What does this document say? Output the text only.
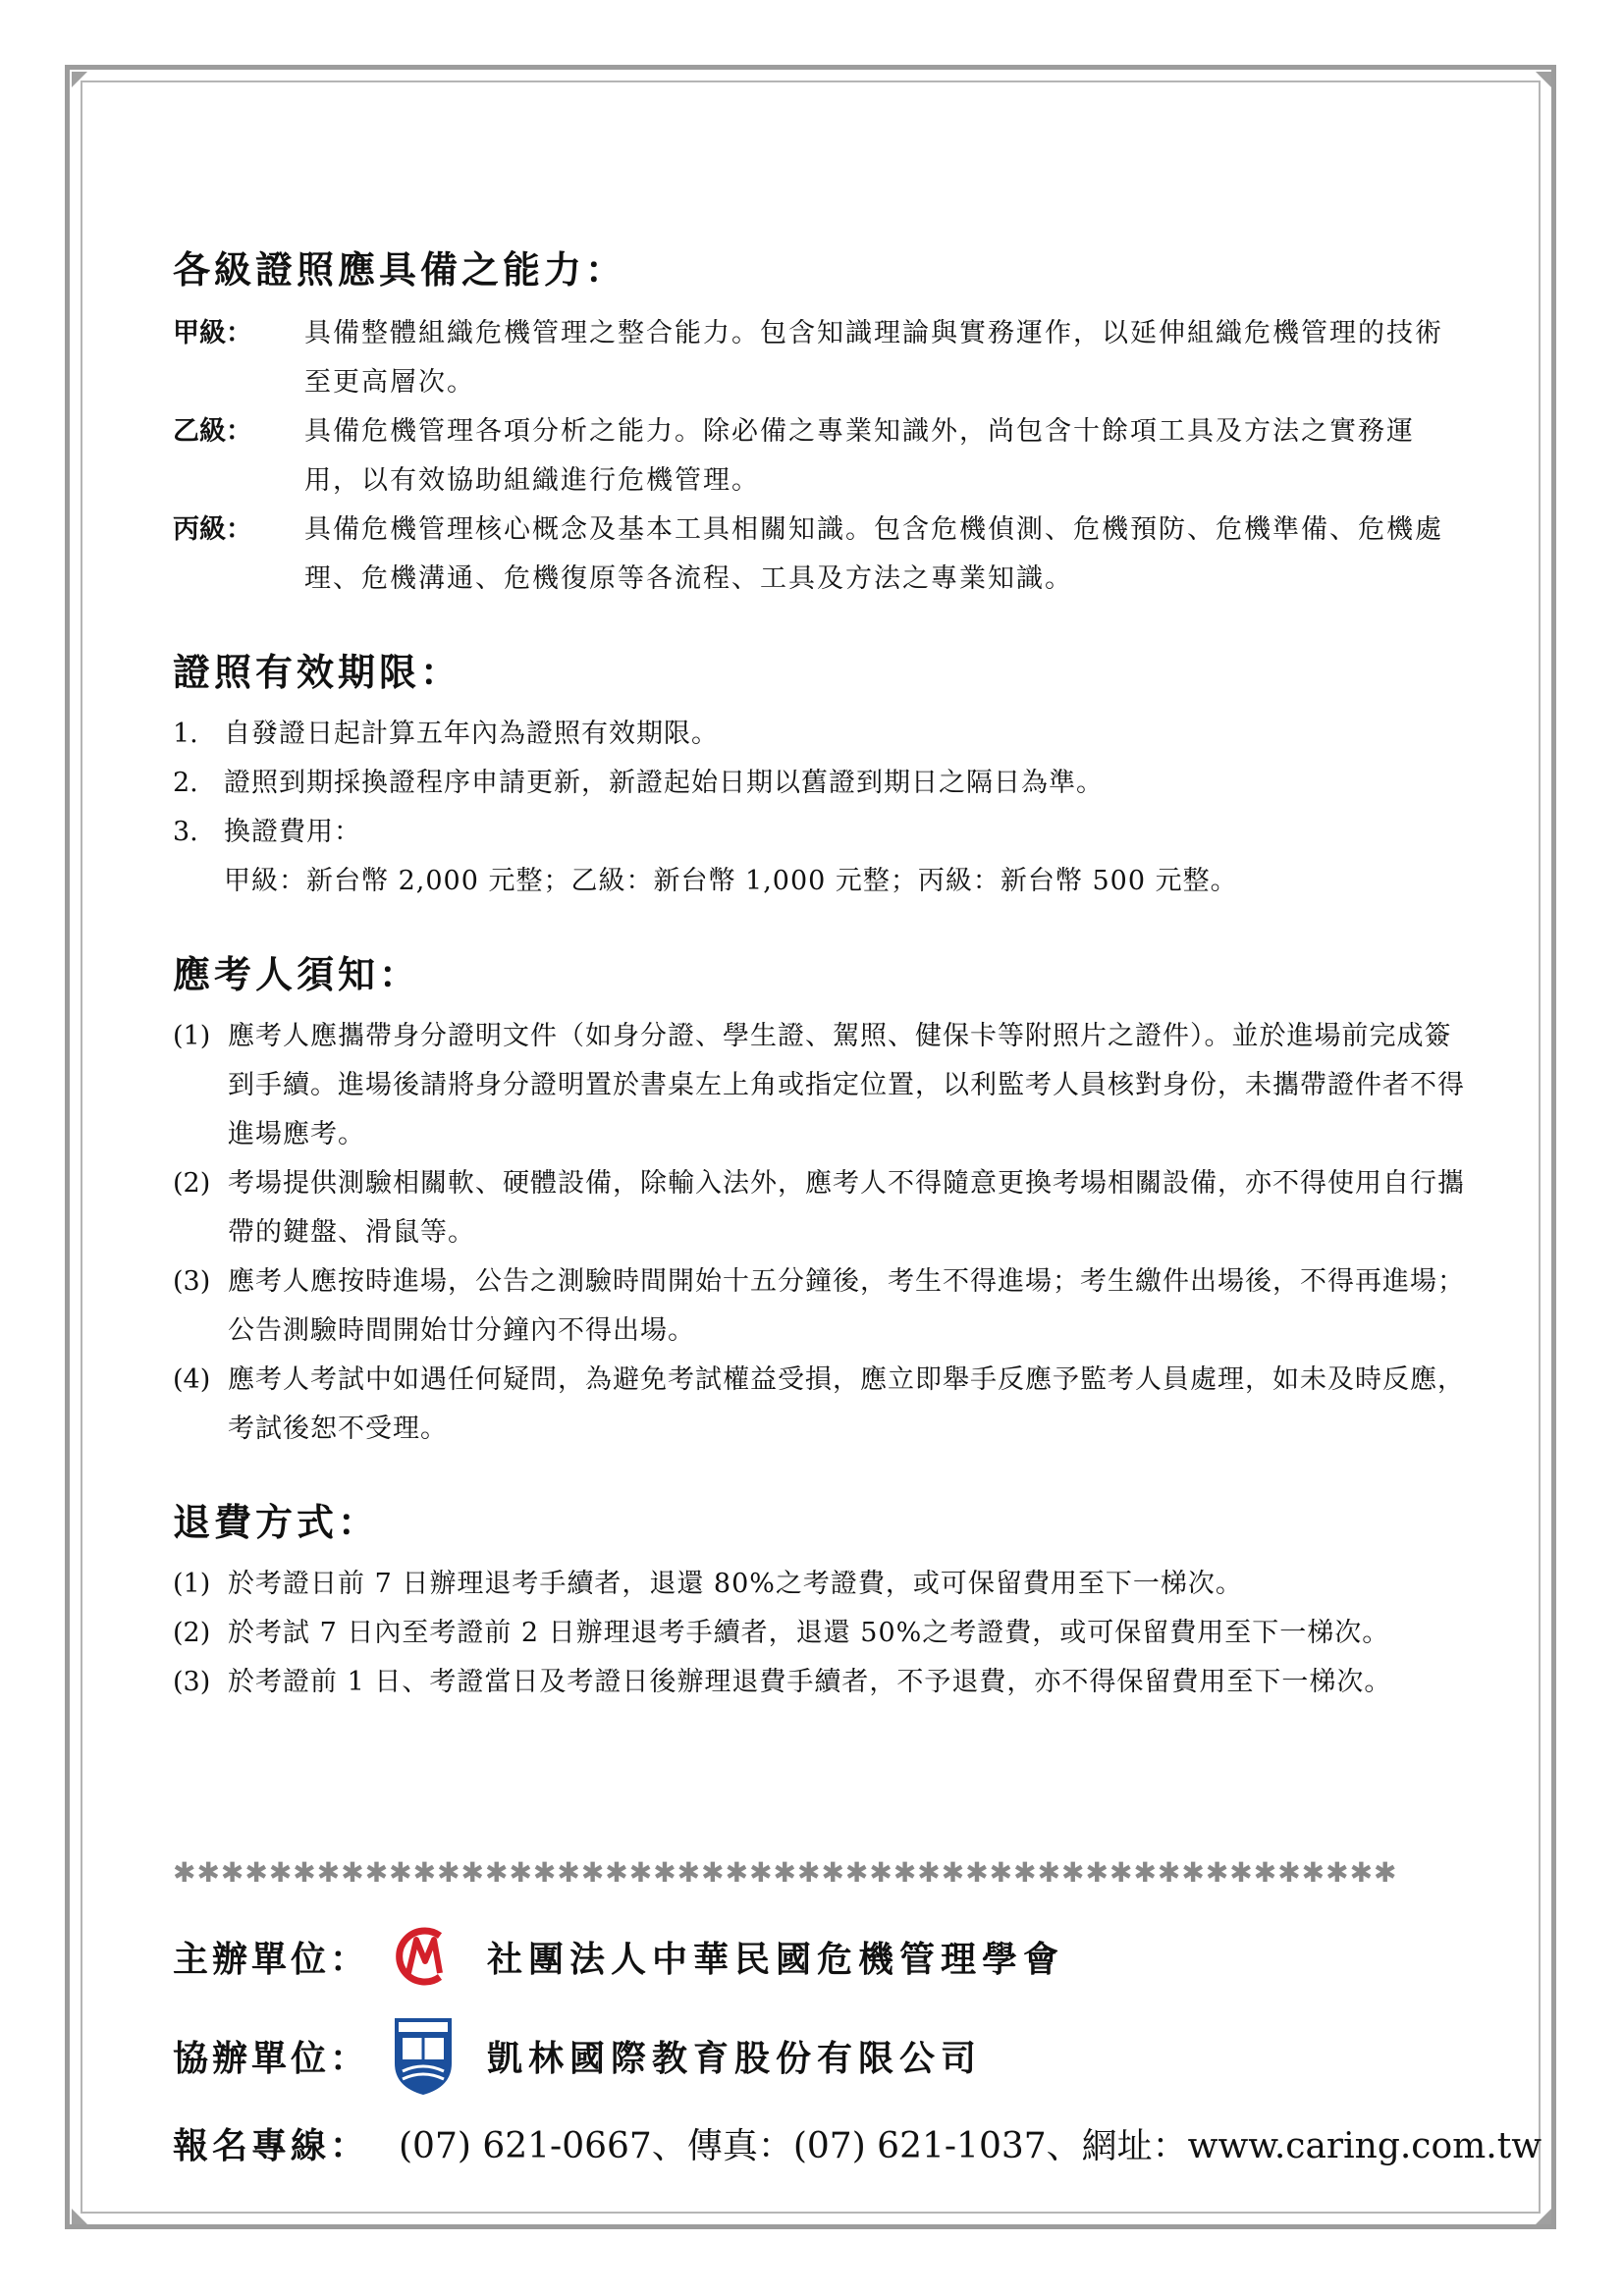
各級證照應具備之能力：
甲級：	具備整體組織危機管理之整合能力。包含知識理論與實務運作，以延伸組織危機管理的技術至更高層次。
乙級：	具備危機管理各項分析之能力。除必備之專業知識外，尚包含十餘項工具及方法之實務運用，以有效協助組織進行危機管理。
丙級：	具備危機管理核心概念及基本工具相關知識。包含危機偵測、危機預防、危機準備、危機處理、危機溝通、危機復原等各流程、工具及方法之專業知識。
證照有效期限：
1. 自發證日起計算五年內為證照有效期限。
2. 證照到期採換證程序申請更新，新證起始日期以舊證到期日之隔日為準。
3. 換證費用：
甲級：新台幣 2,000 元整；乙級：新台幣 1,000 元整；丙級：新台幣 500 元整。
應考人須知：
(1) 應考人應攜帶身分證明文件（如身分證、學生證、駕照、健保卡等附照片之證件）。並於進場前完成簽到手續。進場後請將身分證明置於書桌左上角或指定位置，以利監考人員核對身份，未攜帶證件者不得進場應考。
(2) 考場提供測驗相關軟、硬體設備，除輸入法外，應考人不得隨意更換考場相關設備，亦不得使用自行攜帶的鍵盤、滑鼠等。
(3) 應考人應按時進場，公告之測驗時間開始十五分鐘後，考生不得進場；考生繳件出場後，不得再進場；公告測驗時間開始廿分鐘內不得出場。
(4) 應考人考試中如遇任何疑問，為避免考試權益受損，應立即舉手反應予監考人員處理，如未及時反應，考試後恕不受理。
退費方式：
(1) 於考證日前 7 日辦理退考手續者，退還 80%之考證費，或可保留費用至下一梯次。
(2) 於考試 7 日內至考證前 2 日辦理退考手續者，退還 50%之考證費，或可保留費用至下一梯次。
(3) 於考證前 1 日、考證當日及考證日後辦理退費手續者，不予退費，亦不得保留費用至下一梯次。
✱✱✱✱✱✱✱✱✱✱✱✱✱✱✱✱✱✱✱✱✱✱✱✱✱✱✱✱✱✱✱✱✱✱✱✱✱✱✱✱✱✱✱✱✱✱✱✱✱✱✱
主辦單位：	社團法人中華民國危機管理學會
協辦單位：	凱林國際教育股份有限公司
報名專線： (07) 621-0667、傳真：(07) 621-1037、網址：www.caring.com.tw
